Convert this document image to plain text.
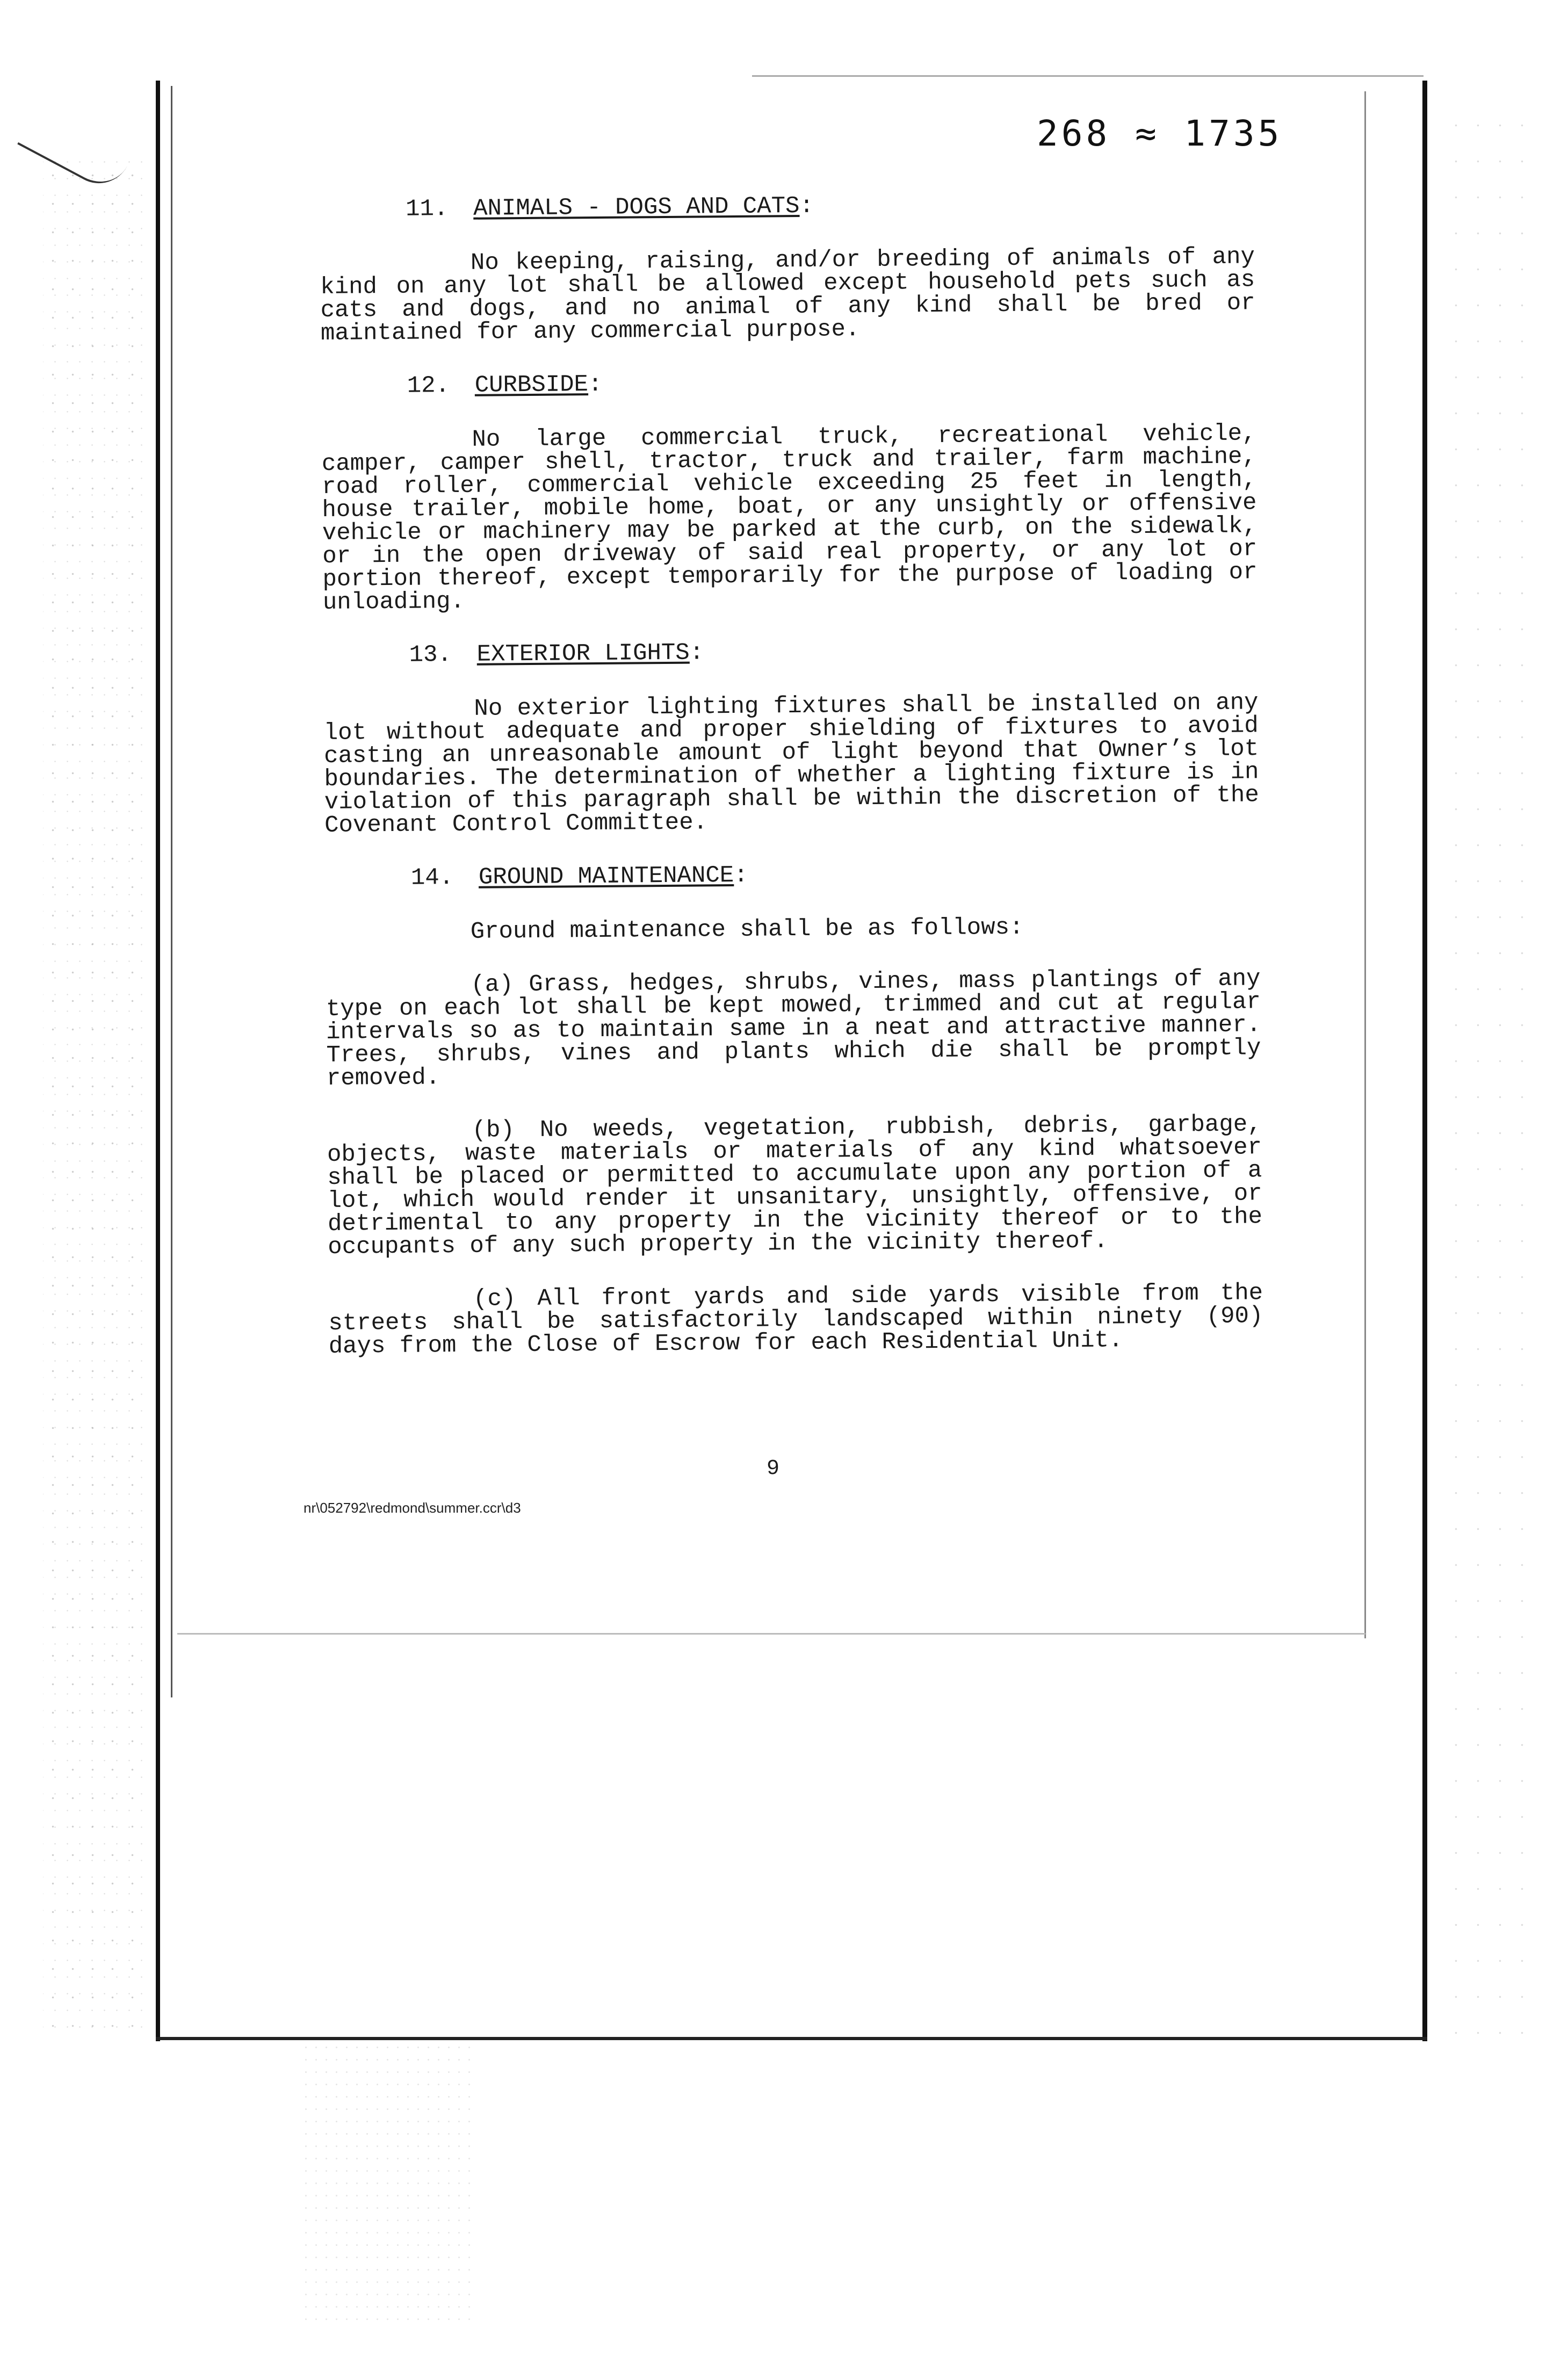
268 ≈ 1735
11. ANIMALS - DOGS AND CATS:

No keeping, raising, and/or breeding of animals of any kind on any lot shall be allowed except household pets such as cats and dogs, and no animal of any kind shall be bred or maintained for any commercial purpose.

12. CURBSIDE:

No large commercial truck, recreational vehicle, camper, camper shell, tractor, truck and trailer, farm machine, road roller, commercial vehicle exceeding 25 feet in length, house trailer, mobile home, boat, or any unsightly or offensive vehicle or machinery may be parked at the curb, on the sidewalk, or in the open driveway of said real property, or any lot or portion thereof, except temporarily for the purpose of loading or unloading.

13. EXTERIOR LIGHTS:

No exterior lighting fixtures shall be installed on any lot without adequate and proper shielding of fixtures to avoid casting an unreasonable amount of light beyond that Owner’s lot boundaries. The determination of whether a lighting fixture is in violation of this paragraph shall be within the discretion of the Covenant Control Committee.

14. GROUND MAINTENANCE:

Ground maintenance shall be as follows:

(a) Grass, hedges, shrubs, vines, mass plantings of any type on each lot shall be kept mowed, trimmed and cut at regular intervals so as to maintain same in a neat and attractive manner. Trees, shrubs, vines and plants which die shall be promptly removed.

(b) No weeds, vegetation, rubbish, debris, garbage, objects, waste materials or materials of any kind whatsoever shall be placed or permitted to accumulate upon any portion of a lot, which would render it unsanitary, unsightly, offensive, or detrimental to any property in the vicinity thereof or to the occupants of any such property in the vicinity thereof.

(c) All front yards and side yards visible from the streets shall be satisfactorily landscaped within ninety (90) days from the Close of Escrow for each Residential Unit.

9
nr\052792\redmond\summer.ccr\d3
